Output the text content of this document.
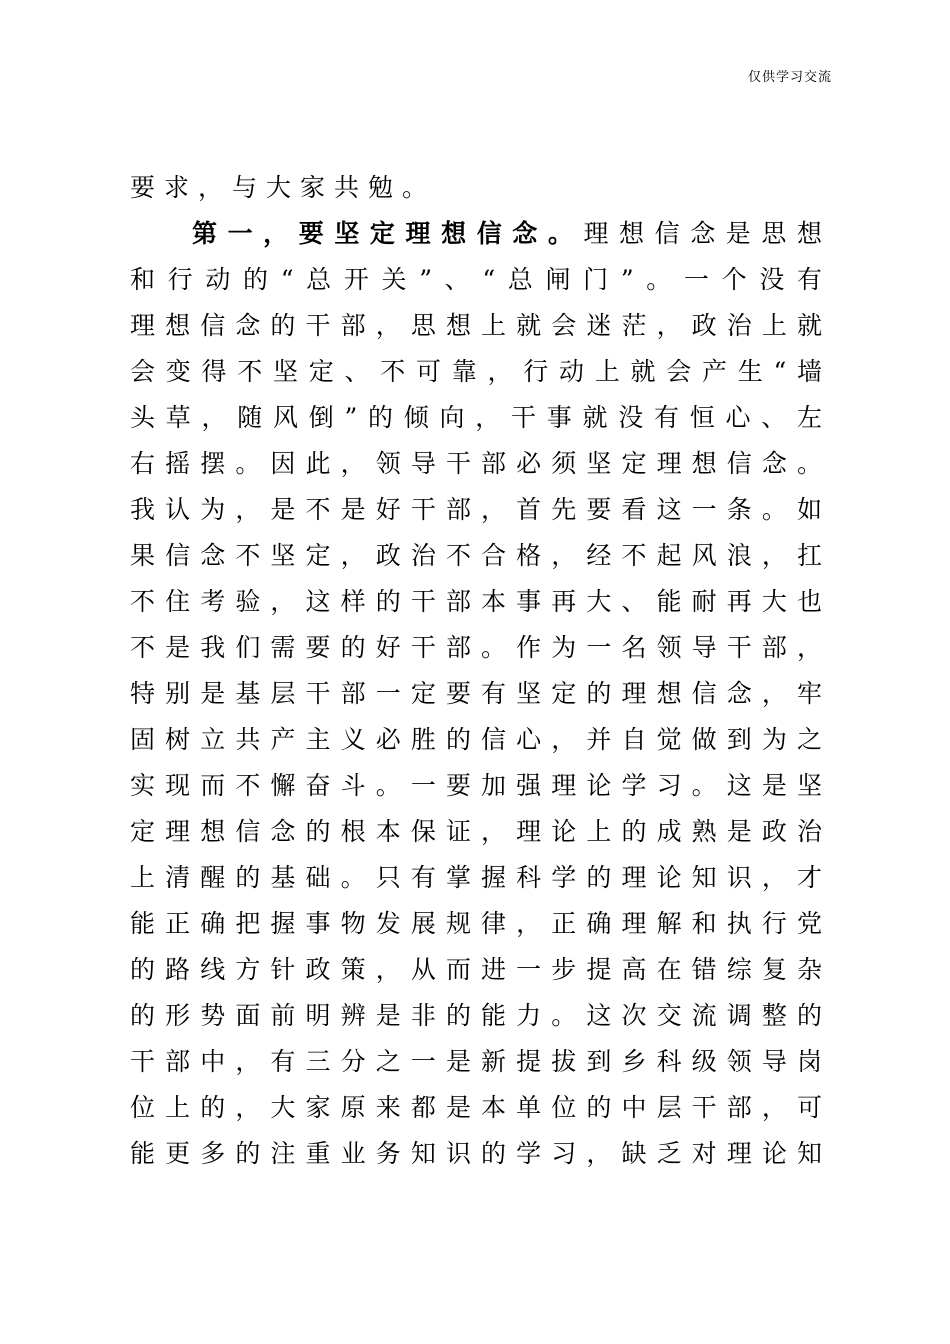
仅供学习交流
要求，与大家共勉。
第一，要坚定理想信念。理想信念是思想
和行动的“总开关”、“总闸门”。一个没有
理想信念的干部，思想上就会迷茫，政治上就
会变得不坚定、不可靠，行动上就会产生“墙
头草，随风倒”的倾向，干事就没有恒心、左
右摇摆。因此，领导干部必须坚定理想信念。
我认为，是不是好干部，首先要看这一条。如
果信念不坚定，政治不合格，经不起风浪，扛
不住考验，这样的干部本事再大、能耐再大也
不是我们需要的好干部。作为一名领导干部，
特别是基层干部一定要有坚定的理想信念，牢
固树立共产主义必胜的信心，并自觉做到为之
实现而不懈奋斗。一要加强理论学习。这是坚
定理想信念的根本保证，理论上的成熟是政治
上清醒的基础。只有掌握科学的理论知识，才
能正确把握事物发展规律，正确理解和执行党
的路线方针政策，从而进一步提高在错综复杂
的形势面前明辨是非的能力。这次交流调整的
干部中，有三分之一是新提拔到乡科级领导岗
位上的，大家原来都是本单位的中层干部，可
能更多的注重业务知识的学习，缺乏对理论知
